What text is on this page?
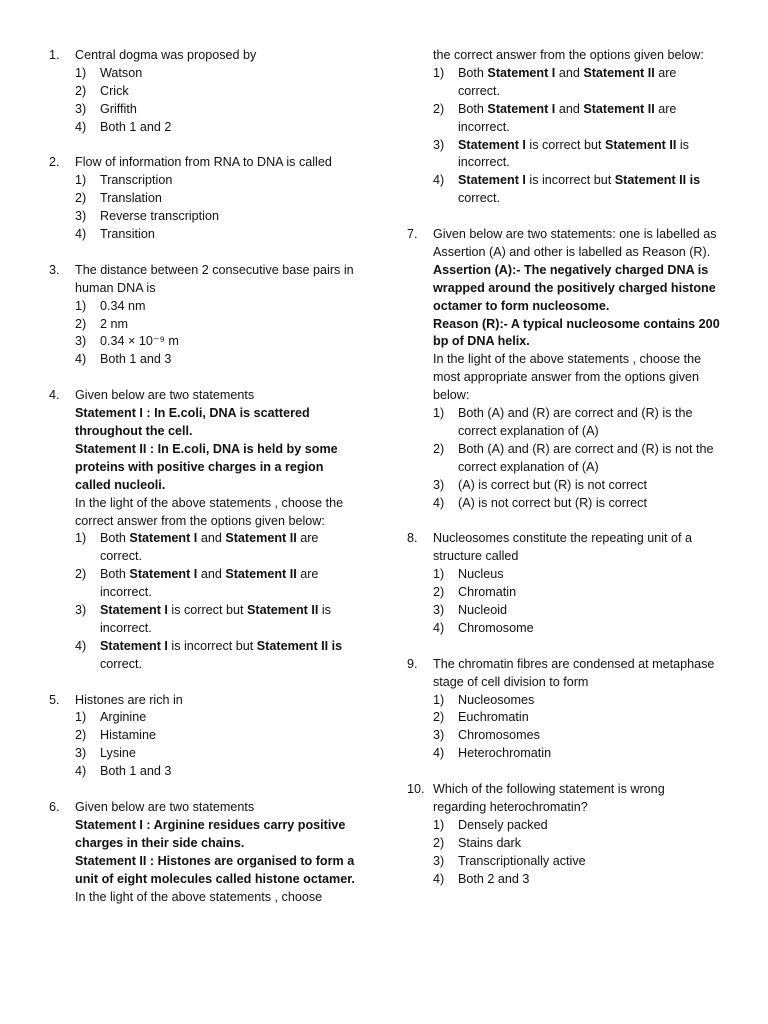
1.	Central dogma was proposed by
1)	Watson
2)	Crick
3)	Griffith
4)	Both 1 and 2
2.	Flow of information from RNA to DNA is called
1)	Transcription
2)	Translation
3)	Reverse transcription
4)	Transition
3.	The distance between 2 consecutive base pairs in human DNA is
1)	0.34 nm
2)	2 nm
3)	0.34 × 10⁻⁹ m
4)	Both 1 and 3
4.	Given below are two statements
Statement I : In E.coli, DNA is scattered throughout the cell.
Statement II : In E.coli, DNA is held by some proteins with positive charges in a region called nucleoli.
In the light of the above statements , choose the correct answer from the options given below:
1)	Both Statement I and Statement II are correct.
2)	Both Statement I and Statement II are incorrect.
3)	Statement I is correct but Statement II is incorrect.
4)	Statement I is incorrect but Statement II is correct.
5.	Histones are rich in
1)	Arginine
2)	Histamine
3)	Lysine
4)	Both 1 and 3
6.	Given below are two statements
Statement I : Arginine residues carry positive charges in their side chains.
Statement II : Histones are organised to form a unit of eight molecules called histone octamer.
In the light of the above statements , choose
the correct answer from the options given below:
1)	Both Statement I and Statement II are correct.
2)	Both Statement I and Statement II are incorrect.
3)	Statement I is correct but Statement II is incorrect.
4)	Statement I is incorrect but Statement II is correct.
7.	Given below are two statements: one is labelled as Assertion (A) and other is labelled as Reason (R).
Assertion (A):- The negatively charged DNA is wrapped around the positively charged histone octamer to form nucleosome.
Reason (R):- A typical nucleosome contains 200 bp of DNA helix.
In the light of the above statements , choose the most appropriate answer from the options given below:
1)	Both (A) and (R) are correct and (R) is the correct explanation of (A)
2)	Both (A) and (R) are correct and (R) is not the correct explanation of (A)
3)	(A) is correct but (R) is not correct
4)	(A) is not correct but (R) is correct
8.	Nucleosomes constitute the repeating unit of a structure called
1)	Nucleus
2)	Chromatin
3)	Nucleoid
4)	Chromosome
9.	The chromatin fibres are condensed at metaphase stage of cell division to form
1)	Nucleosomes
2)	Euchromatin
3)	Chromosomes
4)	Heterochromatin
10. Which of the following statement is wrong regarding heterochromatin?
1)	Densely packed
2)	Stains dark
3)	Transcriptionally active
4)	Both 2 and 3
